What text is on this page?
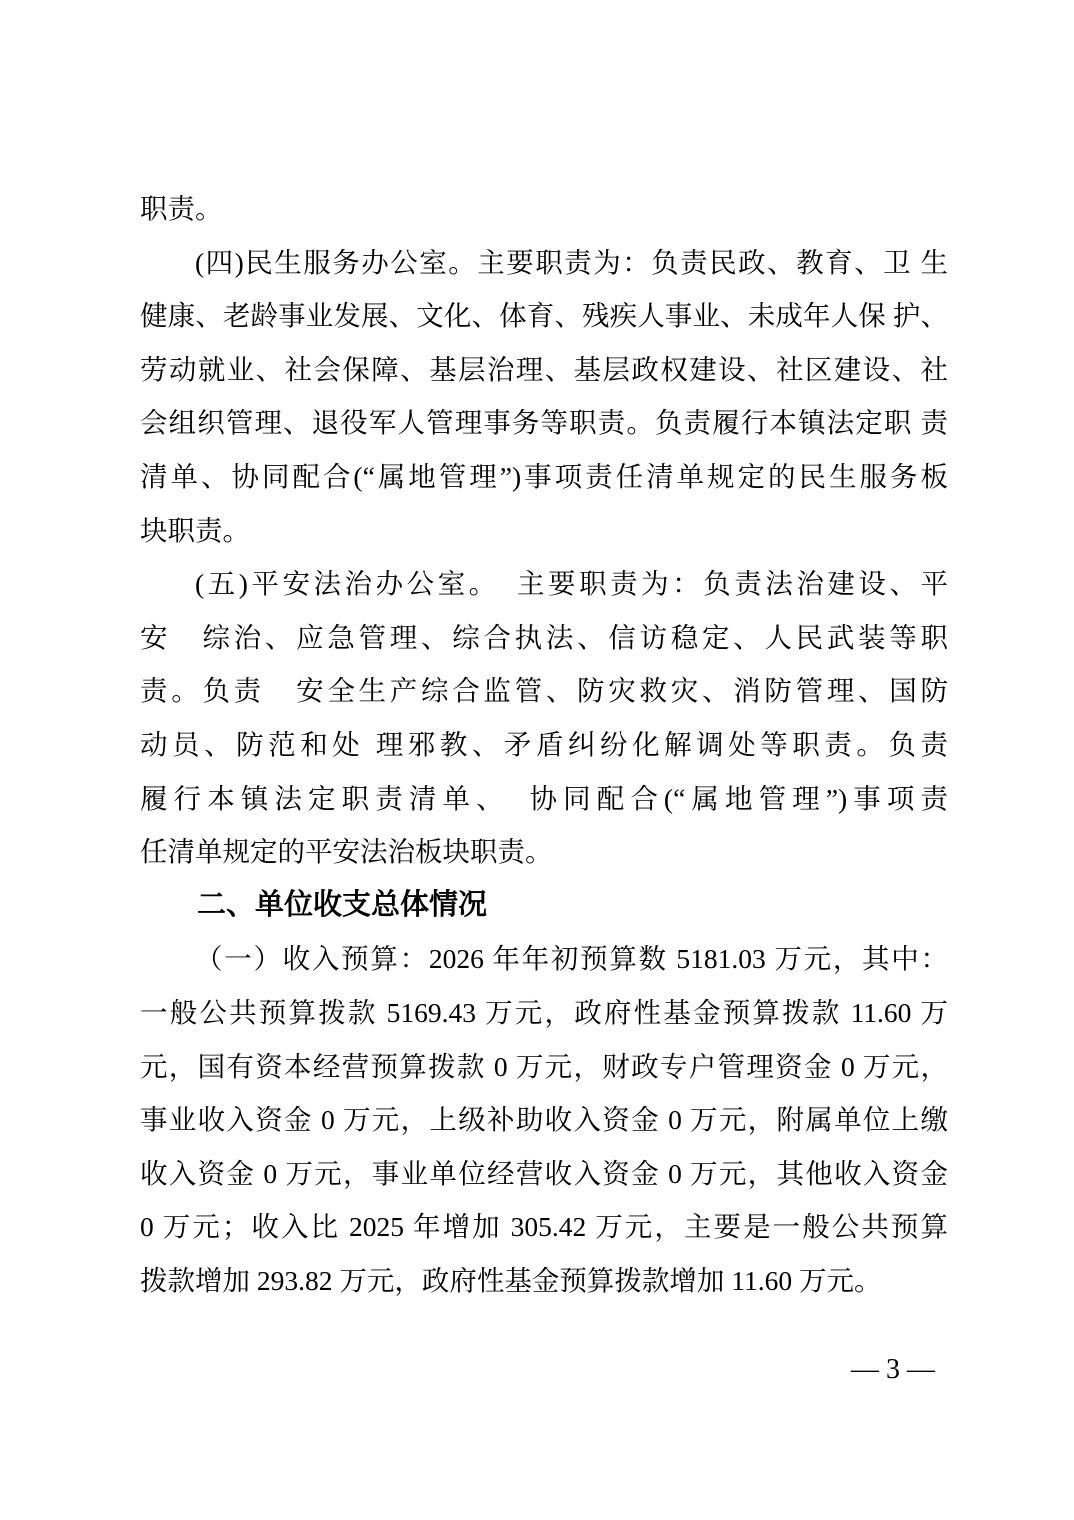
职责。
(四)民生服务办公室。主要职责为：负责民政、教育、卫 生
健康、老龄事业发展、文化、体育、残疾人事业、未成年人保 护、
劳动就业、社会保障、基层治理、基层政权建设、社区建设、社
会组织管理、退役军人管理事务等职责。负责履行本镇法定职 责
清单、协同配合(“属地管理”)事项责任清单规定的民生服务板
块职责。
(五)平安法治办公室。　主要职责为：负责法治建设、平
安　综治、应急管理、综合执法、信访稳定、人民武装等职
责。负责　安全生产综合监管、防灾救灾、消防管理、国防
动员、防范和处 理邪教、矛盾纠纷化解调处等职责。负责
履行本镇法定职责清单、　协同配合(“属地管理”)事项责
任清单规定的平安法治板块职责。
二、单位收支总体情况
（一）收入预算：2026 年年初预算数 5181.03 万元，其中：
一般公共预算拨款 5169.43 万元，政府性基金预算拨款 11.60 万
元，国有资本经营预算拨款 0 万元，财政专户管理资金 0 万元，
事业收入资金 0 万元，上级补助收入资金 0 万元，附属单位上缴
收入资金 0 万元，事业单位经营收入资金 0 万元，其他收入资金
0 万元；收入比 2025 年增加 305.42 万元，主要是一般公共预算
拨款增加 293.82 万元，政府性基金预算拨款增加 11.60 万元。
— 3 —
